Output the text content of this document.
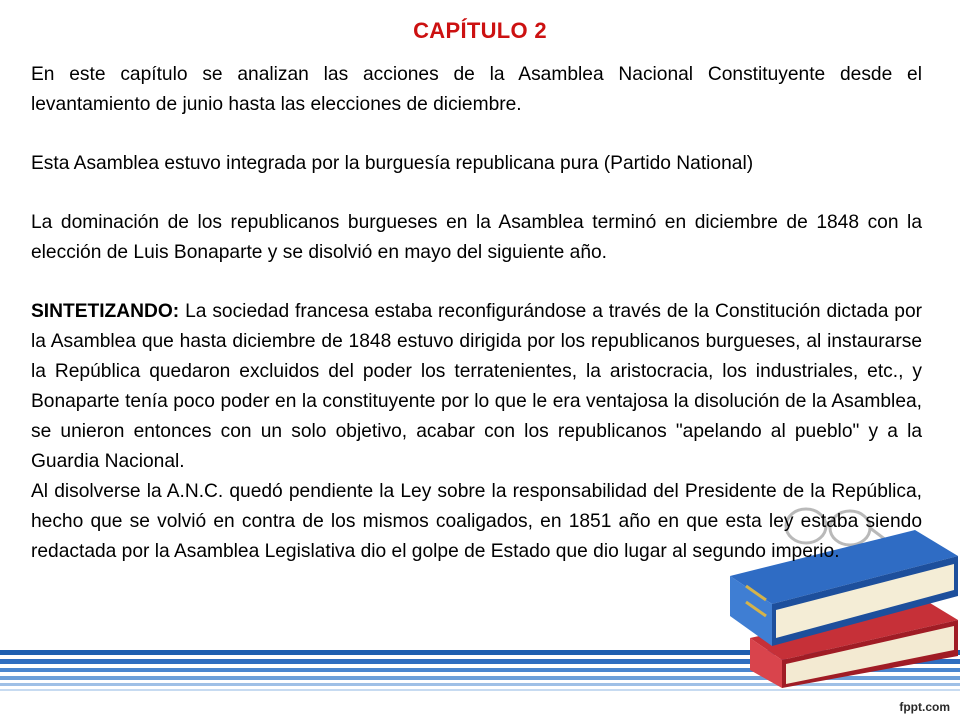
CAPÍTULO 2

En este capítulo se analizan las acciones de la Asamblea Nacional Constituyente desde el levantamiento de junio hasta las elecciones de diciembre.

Esta Asamblea estuvo integrada por la burguesía republicana pura (Partido National)

La dominación de los republicanos burgueses en la Asamblea terminó en diciembre de 1848 con la elección de Luis Bonaparte y se disolvió en mayo del siguiente año.

SINTETIZANDO: La sociedad francesa estaba reconfigurándose a través de la Constitución dictada por la Asamblea que hasta diciembre de 1848 estuvo dirigida por los republicanos burgueses, al instaurarse la República quedaron excluidos del poder los terratenientes, la aristocracia, los industriales, etc., y Bonaparte tenía poco poder en la constituyente por lo que le era ventajosa la disolución de la Asamblea, se unieron entonces con un solo objetivo, acabar con los republicanos "apelando al pueblo" y a la Guardia Nacional.

Al disolverse la A.N.C. quedó pendiente la Ley sobre la responsabilidad del Presidente de la República, hecho que se volvió en contra de los mismos coaligados, en 1851 año en que esta ley estaba siendo redactada por la Asamblea Legislativa dio el golpe de Estado que dio lugar al segundo imperio.

fppt.com
